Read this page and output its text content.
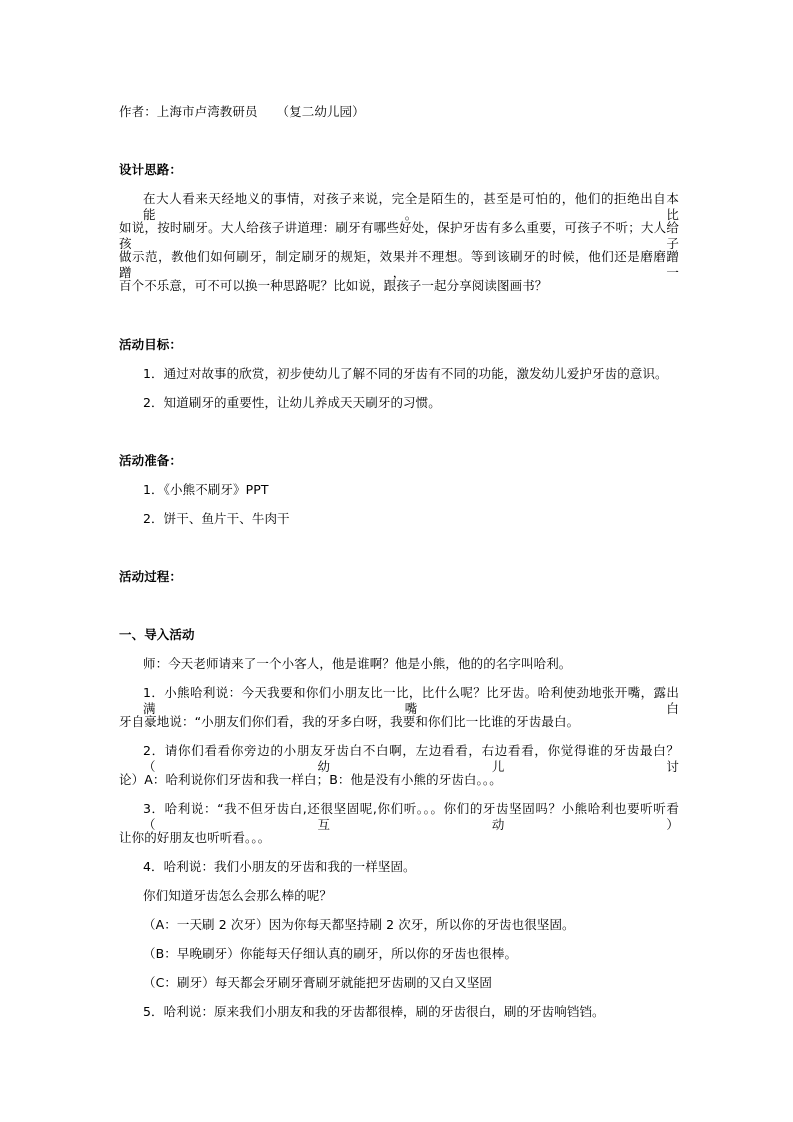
作者：上海市卢湾教研员　　（复二幼儿园）
设计思路：
在大人看来天经地义的事情，对孩子来说，完全是陌生的，甚至是可怕的，他们的拒绝出自本能。比
如说，按时刷牙。大人给孩子讲道理：刷牙有哪些好处，保护牙齿有多么重要，可孩子不听；大人给孩子
做示范，教他们如何刷牙，制定刷牙的规矩，效果并不理想。等到该刷牙的时候，他们还是磨磨蹭蹭，一
百个不乐意，可不可以换一种思路呢？比如说，跟孩子一起分享阅读图画书？
活动目标：
1．通过对故事的欣赏，初步使幼儿了解不同的牙齿有不同的功能，激发幼儿爱护牙齿的意识。
2．知道刷牙的重要性，让幼儿养成天天刷牙的习惯。
活动准备：
1．《小熊不刷牙》PPT
2．饼干、鱼片干、牛肉干
活动过程：
一、导入活动
师：今天老师请来了一个小客人，他是谁啊？他是小熊，他的的名字叫哈利。
1．小熊哈利说：今天我要和你们小朋友比一比，比什么呢？比牙齿。哈利使劲地张开嘴，露出满嘴白
牙自豪地说：“小朋友们你们看，我的牙多白呀，我要和你们比一比谁的牙齿最白。
2．请你们看看你旁边的小朋友牙齿白不白啊，左边看看，右边看看，你觉得谁的牙齿最白？（幼儿讨
论）A：哈利说你们牙齿和我一样白；B：他是没有小熊的牙齿白。。。
3．哈利说：“我不但牙齿白,还很坚固呢,你们听。。。你们的牙齿坚固吗？小熊哈利也要听听看（互动）
让你的好朋友也听听看。。。
4．哈利说：我们小朋友的牙齿和我的一样坚固。
你们知道牙齿怎么会那么棒的呢？
（A：一天刷 2 次牙）因为你每天都坚持刷 2 次牙，所以你的牙齿也很坚固。
（B：早晚刷牙）你能每天仔细认真的刷牙，所以你的牙齿也很棒。
（C：刷牙）每天都会牙刷牙膏刷牙就能把牙齿刷的又白又坚固
5．哈利说：原来我们小朋友和我的牙齿都很棒，刷的牙齿很白，刷的牙齿响铛铛。
